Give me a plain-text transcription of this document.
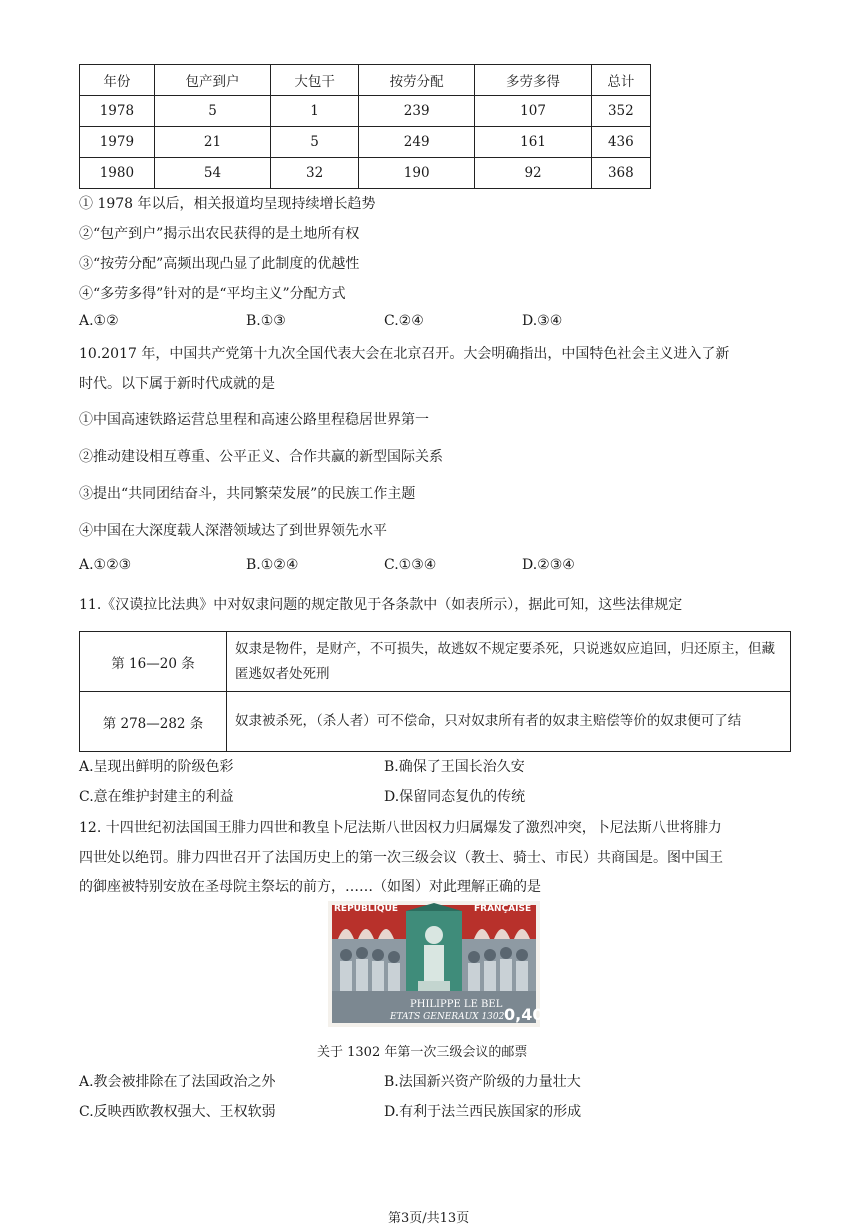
年份	包产到户	大包干	按劳分配	多劳多得	总计
1978	5	1	239	107	352
1979	21	5	249	161	436
1980	54	32	190	92	368
① 1978 年以后，相关报道均呈现持续增长趋势
②“包产到户”揭示出农民获得的是土地所有权
③“按劳分配”高频出现凸显了此制度的优越性
④“多劳多得”针对的是“平均主义”分配方式
A.①②	B.①③	C.②④	D.③④
10.2017 年，中国共产党第十九次全国代表大会在北京召开。大会明确指出，中国特色社会主义进入了新
时代。以下属于新时代成就的是
①中国高速铁路运营总里程和高速公路里程稳居世界第一
②推动建设相互尊重、公平正义、合作共赢的新型国际关系
③提出“共同团结奋斗，共同繁荣发展”的民族工作主题
④中国在大深度载人深潜领域达了到世界领先水平
A.①②③	B.①②④	C.①③④	D.②③④
11.《汉谟拉比法典》中对奴隶问题的规定散见于各条款中（如表所示），据此可知，这些法律规定
第 16—20 条	奴隶是物件，是财产，不可损失，故逃奴不规定要杀死，只说逃奴应追回，归还原主，但藏匿逃奴者处死刑
第 278—282 条	奴隶被杀死，（杀人者）可不偿命，只对奴隶所有者的奴隶主赔偿等价的奴隶便可了结
A.呈现出鲜明的阶级色彩	B.确保了王国长治久安
C.意在维护封建主的利益	D.保留同态复仇的传统
12. 十四世纪初法国国王腓力四世和教皇卜尼法斯八世因权力归属爆发了激烈冲突，卜尼法斯八世将腓力
四世处以绝罚。腓力四世召开了法国历史上的第一次三级会议（教士、骑士、市民）共商国是。图中国王
的御座被特别安放在圣母院主祭坛的前方，……（如图）对此理解正确的是
REPUBLIQUE	FRANÇAISE
PHILIPPE LE BEL
ETATS GENERAUX 1302 0,40
关于 1302 年第一次三级会议的邮票
A.教会被排除在了法国政治之外	B.法国新兴资产阶级的力量壮大
C.反映西欧教权强大、王权软弱	D.有利于法兰西民族国家的形成
第3页/共13页
